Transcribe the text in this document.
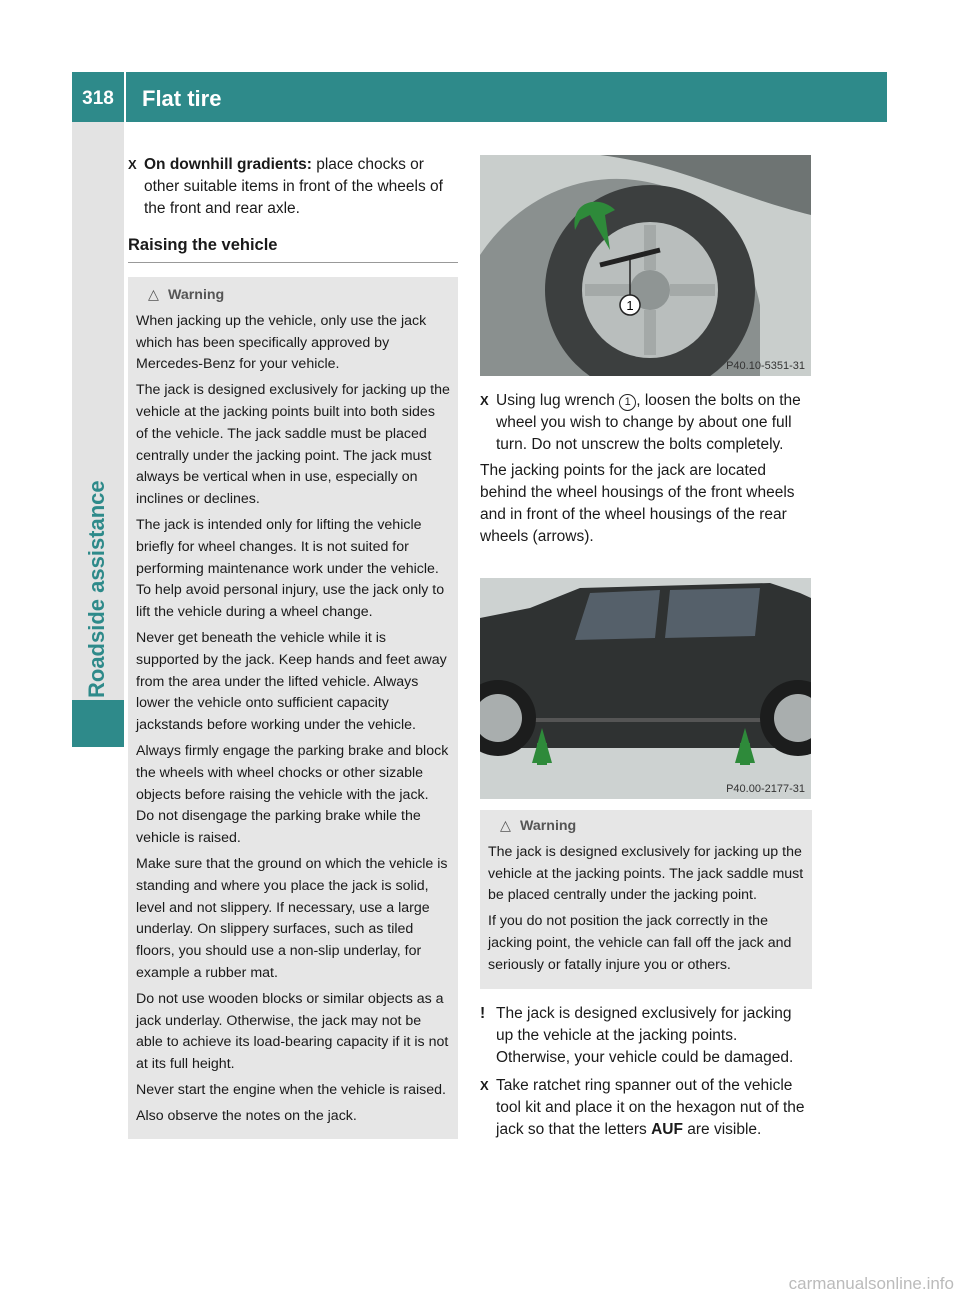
318	Flat tire
Roadside assistance
X On downhill gradients: place chocks or other suitable items in front of the wheels of the front and rear axle.

Raising the vehicle
△ Warning

When jacking up the vehicle, only use the jack which has been specifically approved by Mercedes-Benz for your vehicle.

The jack is designed exclusively for jacking up the vehicle at the jacking points built into both sides of the vehicle. The jack saddle must be placed centrally under the jacking point. The jack must always be vertical when in use, especially on inclines or declines.

The jack is intended only for lifting the vehicle briefly for wheel changes. It is not suited for performing maintenance work under the vehicle. To help avoid personal injury, use the jack only to lift the vehicle during a wheel change.

Never get beneath the vehicle while it is supported by the jack. Keep hands and feet away from the area under the lifted vehicle. Always lower the vehicle onto sufficient capacity jackstands before working under the vehicle.

Always firmly engage the parking brake and block the wheels with wheel chocks or other sizable objects before raising the vehicle with the jack. Do not disengage the parking brake while the vehicle is raised.

Make sure that the ground on which the vehicle is standing and where you place the jack is solid, level and not slippery. If necessary, use a large underlay. On slippery surfaces, such as tiled floors, you should use a non-slip underlay, for example a rubber mat.

Do not use wooden blocks or similar objects as a jack underlay. Otherwise, the jack may not be able to achieve its load-bearing capacity if it is not at its full height.

Never start the engine when the vehicle is raised.

Also observe the notes on the jack.

1
P40.10-5351-31
X Using lug wrench 1 , loosen the bolts on the wheel you wish to change by about one full turn. Do not unscrew the bolts completely.

The jacking points for the jack are located behind the wheel housings of the front wheels and in front of the wheel housings of the rear wheels (arrows).

P40.00-2177-31
△ Warning

The jack is designed exclusively for jacking up the vehicle at the jacking points. The jack saddle must be placed centrally under the jacking point.

If you do not position the jack correctly in the jacking point, the vehicle can fall off the jack and seriously or fatally injure you or others.

! The jack is designed exclusively for jacking up the vehicle at the jacking points. Otherwise, your vehicle could be damaged.

X Take ratchet ring spanner out of the vehicle tool kit and place it on the hexagon nut of the jack so that the letters AUF are visible.

carmanualsonline.info
